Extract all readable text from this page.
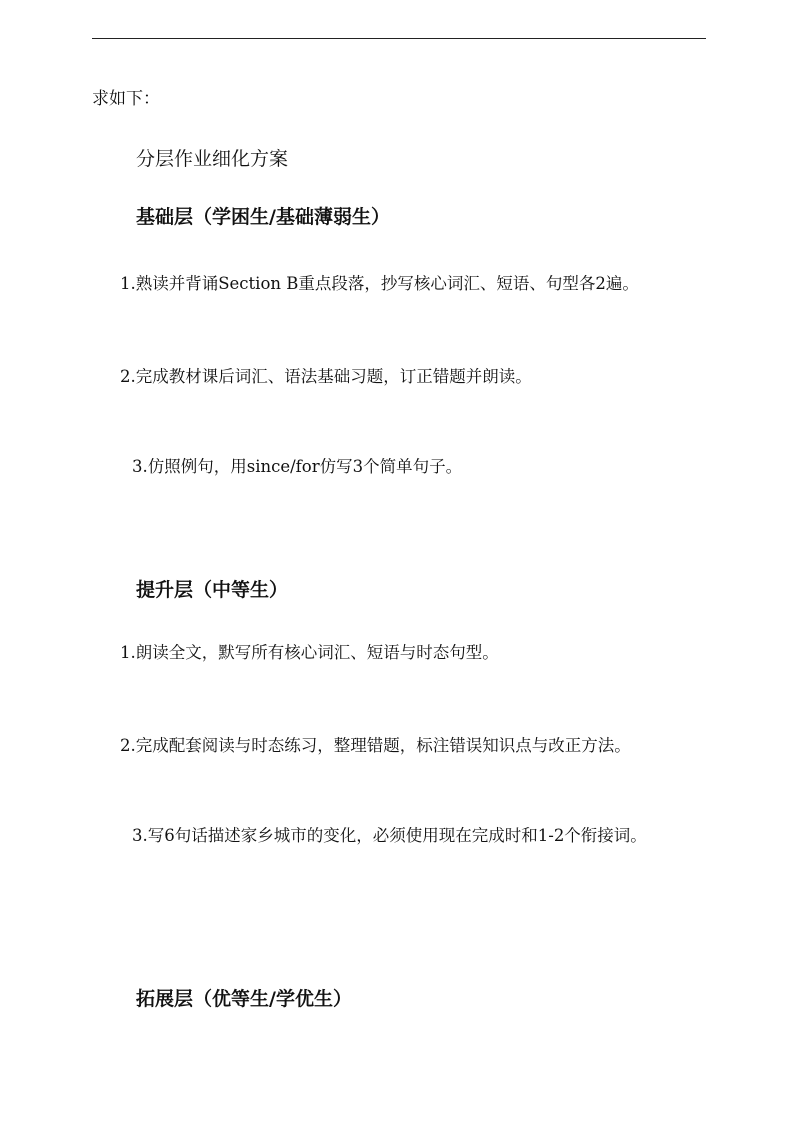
求如下：
分层作业细化方案
基础层（学困生/基础薄弱生）
1.熟读并背诵Section B重点段落，抄写核心词汇、短语、句型各2遍。
2.完成教材课后词汇、语法基础习题，订正错题并朗读。
3.仿照例句，用since/for仿写3个简单句子。
提升层（中等生）
1.朗读全文，默写所有核心词汇、短语与时态句型。
2.完成配套阅读与时态练习，整理错题，标注错误知识点与改正方法。
3.写6句话描述家乡城市的变化，必须使用现在完成时和1-2个衔接词。
拓展层（优等生/学优生）
